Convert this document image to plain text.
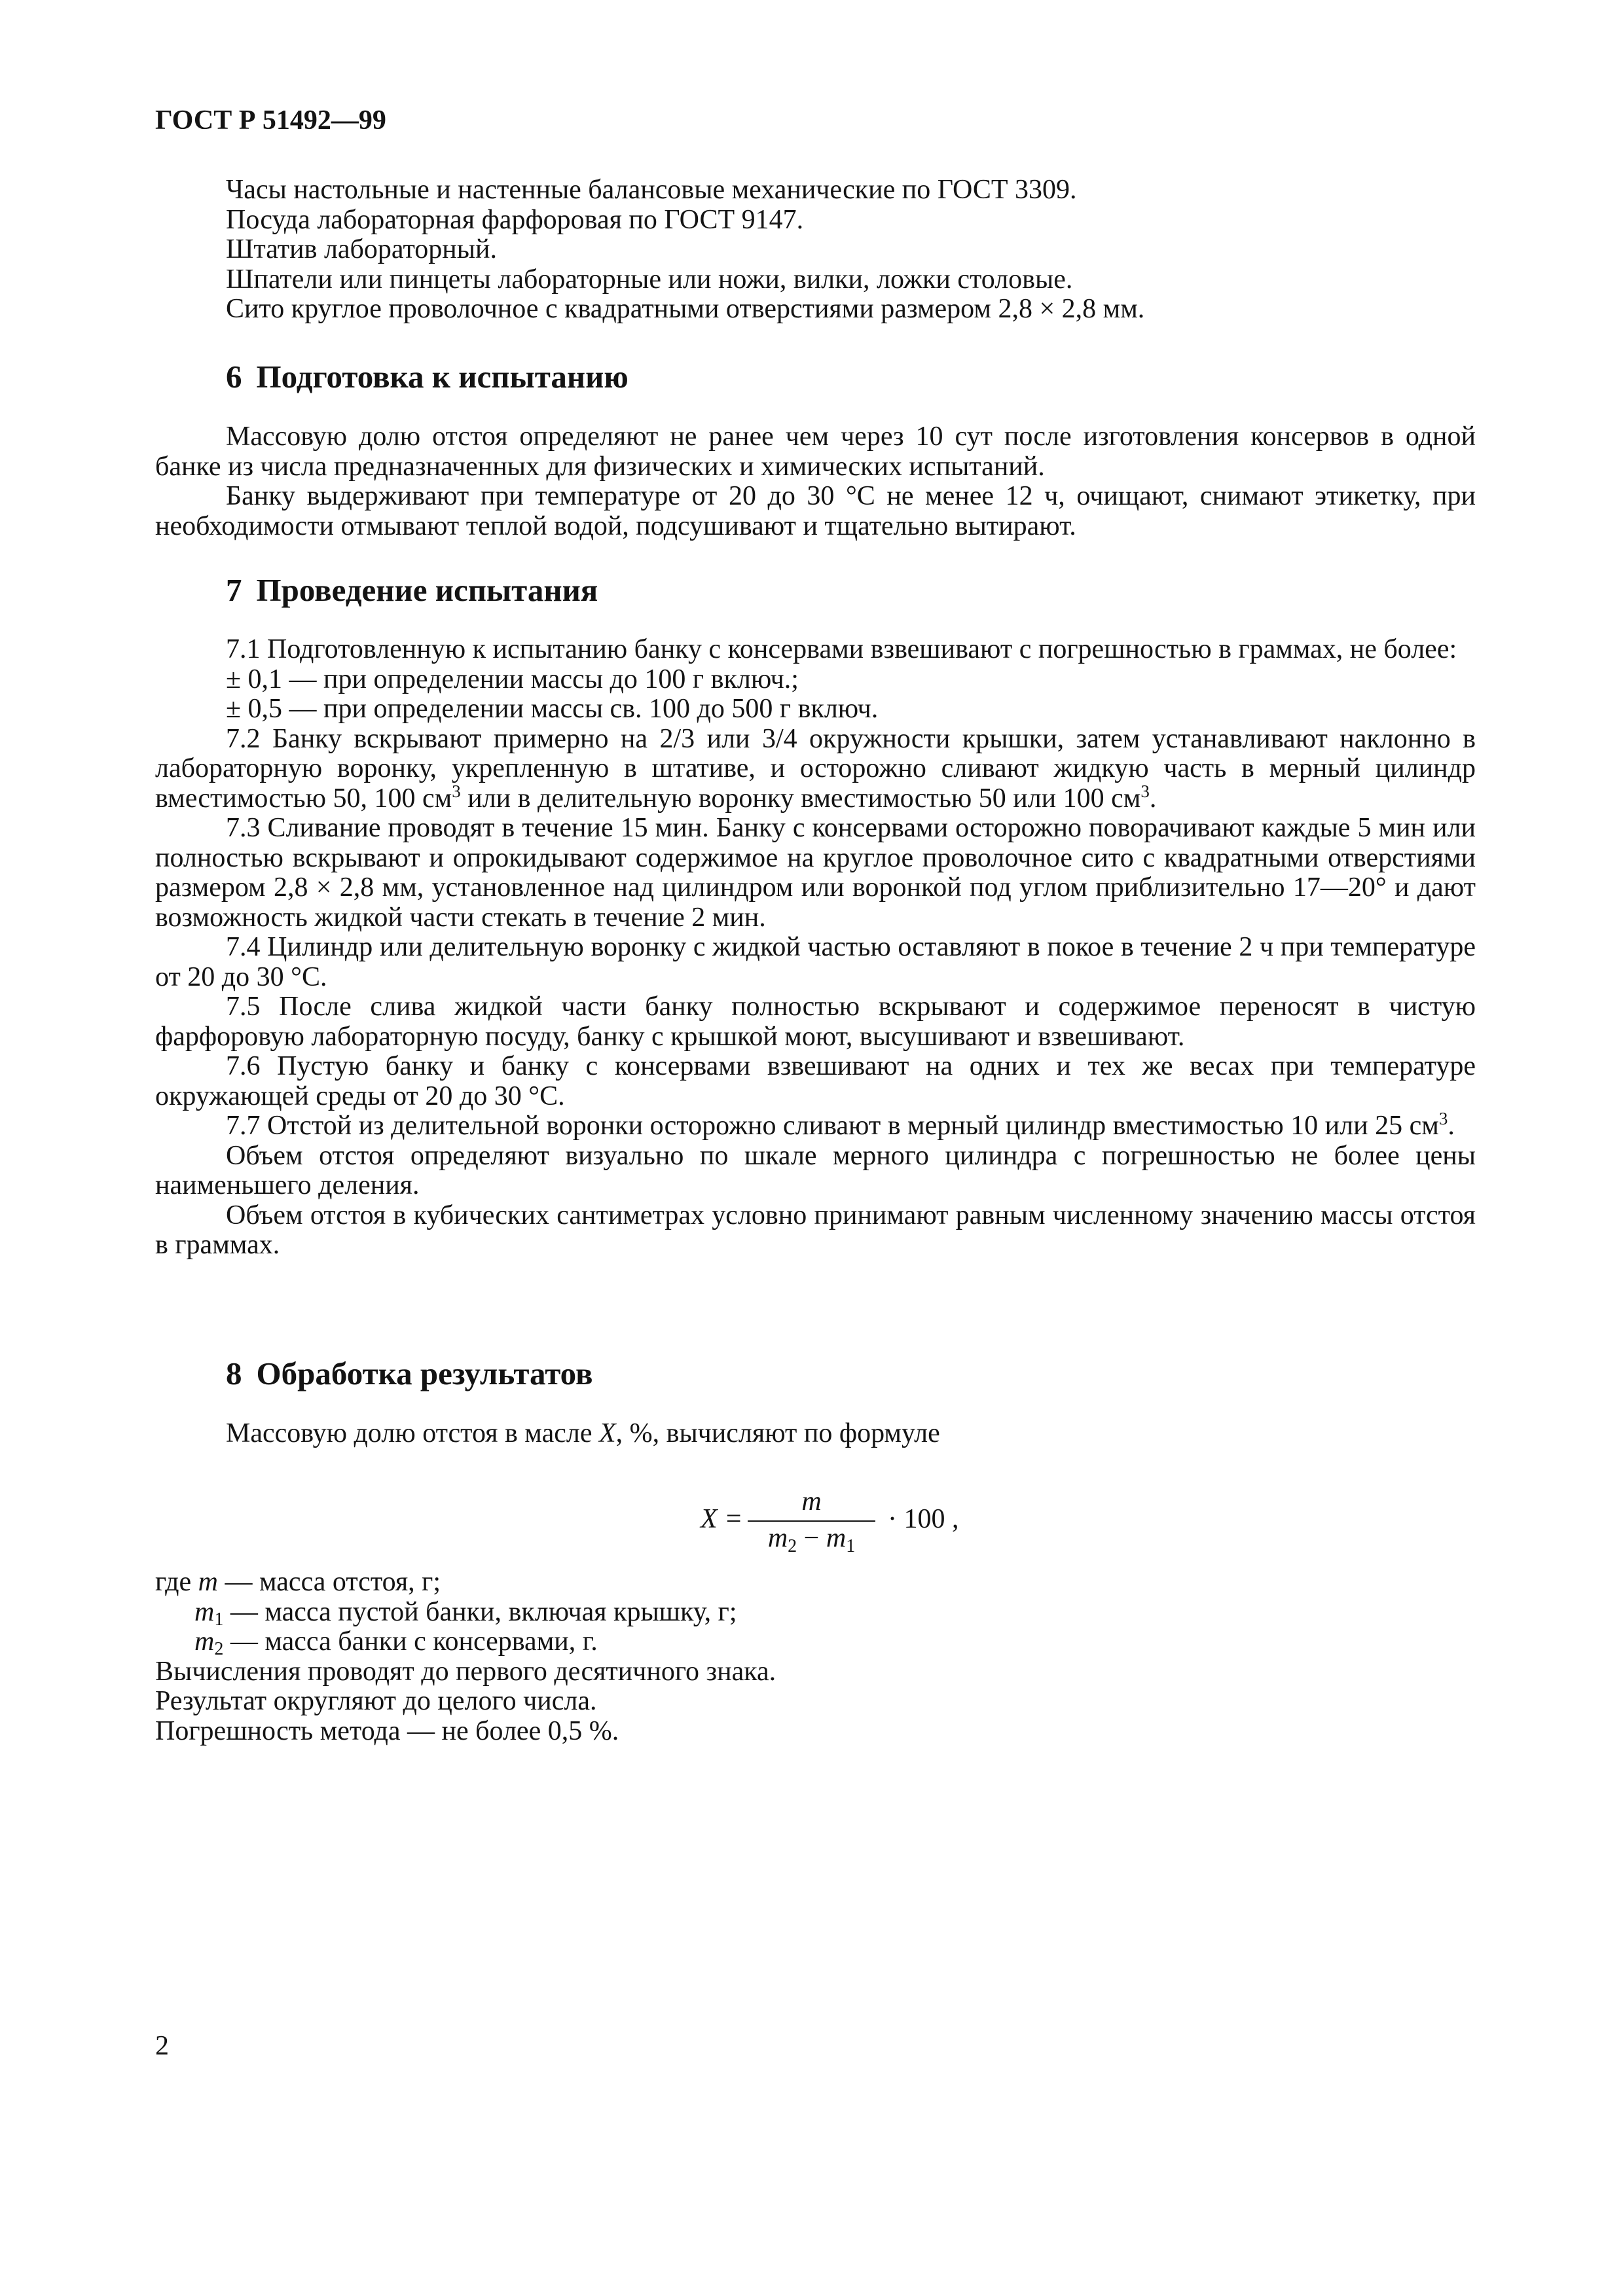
ГОСТ Р 51492—99

Часы настольные и настенные балансовые механические по ГОСТ 3309.

Посуда лабораторная фарфоровая по ГОСТ 9147.

Штатив лабораторный.

Шпатели или пинцеты лабораторные или ножи, вилки, ложки столовые.

Сито круглое проволочное с квадратными отверстиями размером 2,8 × 2,8 мм.

6 Подготовка к испытанию

Массовую долю отстоя определяют не ранее чем через 10 сут после изготовления консервов в одной банке из числа предназначенных для физических и химических испытаний.

Банку выдерживают при температуре от 20 до 30 °С не менее 12 ч, очищают, снимают этикетку, при необходимости отмывают теплой водой, подсушивают и тщательно вытирают.

7 Проведение испытания

7.1 Подготовленную к испытанию банку с консервами взвешивают с погрешностью в граммах, не более:

± 0,1 — при определении массы до 100 г включ.;

± 0,5 — при определении массы св. 100 до 500 г включ.

7.2 Банку вскрывают примерно на 2/3 или 3/4 окружности крышки, затем устанавливают наклонно в лабораторную воронку, укрепленную в штативе, и осторожно сливают жидкую часть в мерный цилиндр вместимостью 50, 100 $см^3$ или в делительную воронку вместимостью 50 или 100 $см^3$.

7.3 Сливание проводят в течение 15 мин. Банку с консервами осторожно поворачивают каждые 5 мин или полностью вскрывают и опрокидывают содержимое на круглое проволочное сито с квадратными отверстиями размером 2,8 × 2,8 мм, установленное над цилиндром или воронкой под углом приблизительно 17—20° и дают возможность жидкой части стекать в течение 2 мин.

7.4 Цилиндр или делительную воронку с жидкой частью оставляют в покое в течение 2 ч при температуре от 20 до 30 °С.

7.5 После слива жидкой части банку полностью вскрывают и содержимое переносят в чистую фарфоровую лабораторную посуду, банку с крышкой моют, высушивают и взвешивают.

7.6 Пустую банку и банку с консервами взвешивают на одних и тех же весах при температуре окружающей среды от 20 до 30 °С.

7.7 Отстой из делительной воронки осторожно сливают в мерный цилиндр вместимостью 10 или 25 $см^3$.

Объем отстоя определяют визуально по шкале мерного цилиндра с погрешностью не более цены наименьшего деления.

Объем отстоя в кубических сантиметрах условно принимают равным численному значению массы отстоя в граммах.

8 Обработка результатов

Массовую долю отстоя в масле X, %, вычисляют по формуле

X =
m
$m_2 - m_1$
· 100 ,

где m — масса отстоя, г;

$m_1$ — масса пустой банки, включая крышку, г;

$m_2$ — масса банки с консервами, г.

Вычисления проводят до первого десятичного знака.

Результат округляют до целого числа.

Погрешность метода — не более 0,5 %.

2
